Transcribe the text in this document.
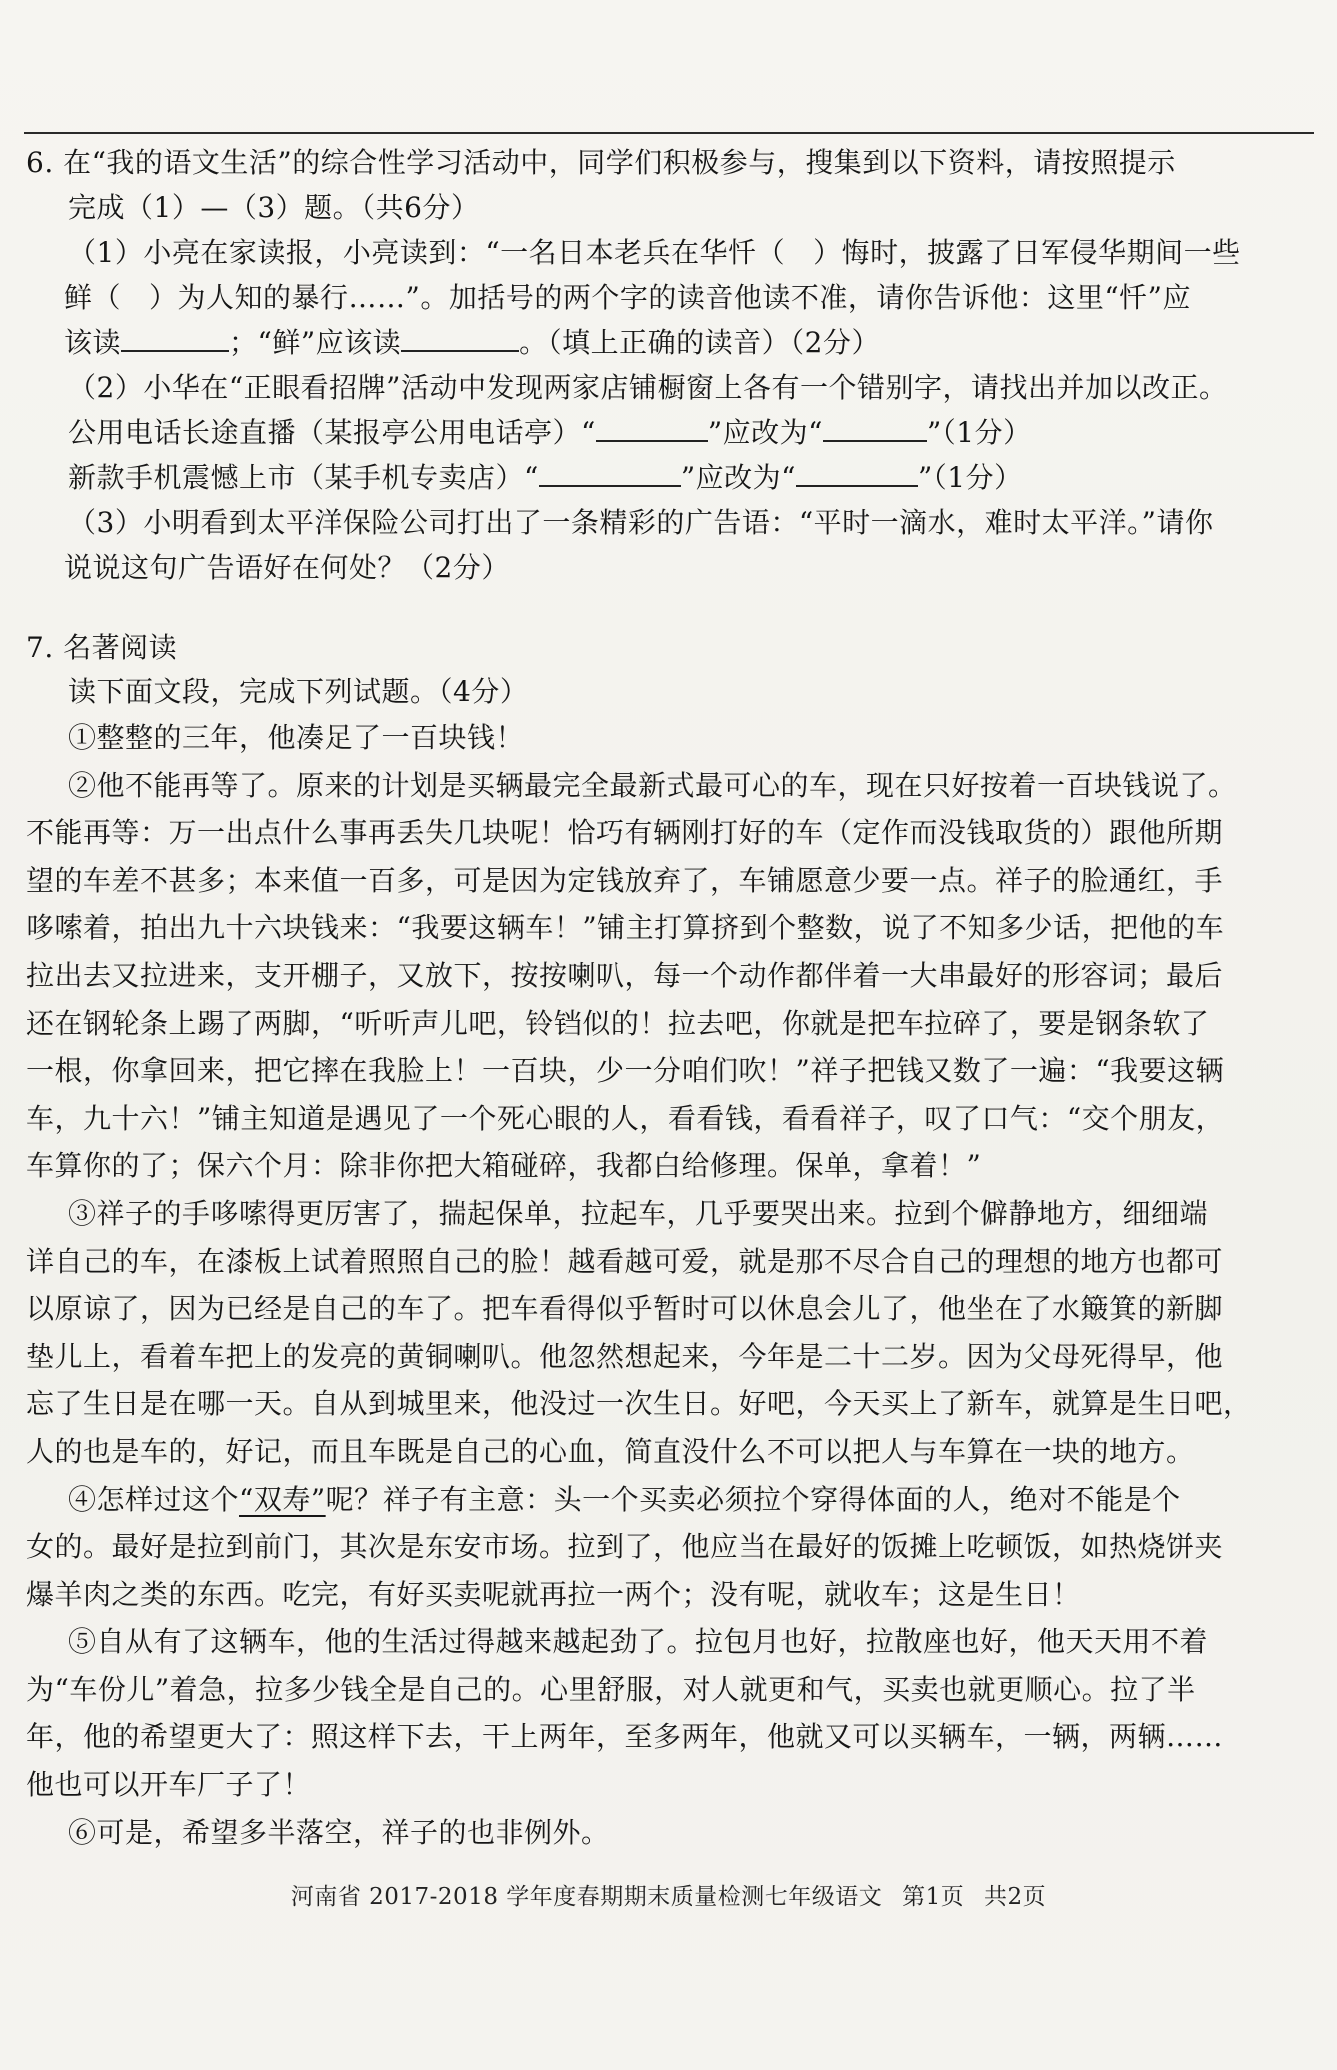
6. 在“我的语文生活”的综合性学习活动中，同学们积极参与，搜集到以下资料，请按照提示
完成（1）—（3）题。（共6分）
（1）小亮在家读报，小亮读到：“一名日本老兵在华忏（ ）悔时，披露了日军侵华期间一些
鲜（ ）为人知的暴行……”。加括号的两个字的读音他读不准，请你告诉他：这里“忏”应
该读	；“鲜”应该读	。（填上正确的读音）（2分）
（2）小华在“正眼看招牌”活动中发现两家店铺橱窗上各有一个错别字，请找出并加以改正。
公用电话长途直播（某报亭公用电话亭）“	”应改为“	”（1分）
新款手机震憾上市（某手机专卖店）“	”应改为“	”（1分）
（3）小明看到太平洋保险公司打出了一条精彩的广告语：“平时一滴水，难时太平洋。”请你
说说这句广告语好在何处？（2分）
7. 名著阅读
读下面文段，完成下列试题。（4分）
①整整的三年，他凑足了一百块钱！
②他不能再等了。原来的计划是买辆最完全最新式最可心的车，现在只好按着一百块钱说了。
不能再等：万一出点什么事再丢失几块呢！恰巧有辆刚打好的车（定作而没钱取货的）跟他所期
望的车差不甚多；本来值一百多，可是因为定钱放弃了，车铺愿意少要一点。祥子的脸通红，手
哆嗦着，拍出九十六块钱来：“我要这辆车！”铺主打算挤到个整数，说了不知多少话，把他的车
拉出去又拉进来，支开棚子，又放下，按按喇叭，每一个动作都伴着一大串最好的形容词；最后
还在钢轮条上踢了两脚，“听听声儿吧，铃铛似的！拉去吧，你就是把车拉碎了，要是钢条软了
一根，你拿回来，把它摔在我脸上！一百块，少一分咱们吹！”祥子把钱又数了一遍：“我要这辆
车，九十六！”铺主知道是遇见了一个死心眼的人，看看钱，看看祥子，叹了口气：“交个朋友，
车算你的了；保六个月：除非你把大箱碰碎，我都白给修理。保单，拿着！”
③祥子的手哆嗦得更厉害了，揣起保单，拉起车，几乎要哭出来。拉到个僻静地方，细细端
详自己的车，在漆板上试着照照自己的脸！越看越可爱，就是那不尽合自己的理想的地方也都可
以原谅了，因为已经是自己的车了。把车看得似乎暂时可以休息会儿了，他坐在了水簸箕的新脚
垫儿上，看着车把上的发亮的黄铜喇叭。他忽然想起来，今年是二十二岁。因为父母死得早，他
忘了生日是在哪一天。自从到城里来，他没过一次生日。好吧，今天买上了新车，就算是生日吧，
人的也是车的，好记，而且车既是自己的心血，简直没什么不可以把人与车算在一块的地方。
④怎样过这个“双寿”呢？祥子有主意：头一个买卖必须拉个穿得体面的人，绝对不能是个
女的。最好是拉到前门，其次是东安市场。拉到了，他应当在最好的饭摊上吃顿饭，如热烧饼夹
爆羊肉之类的东西。吃完，有好买卖呢就再拉一两个；没有呢，就收车；这是生日！
⑤自从有了这辆车，他的生活过得越来越起劲了。拉包月也好，拉散座也好，他天天用不着
为“车份儿”着急，拉多少钱全是自己的。心里舒服，对人就更和气，买卖也就更顺心。拉了半
年，他的希望更大了：照这样下去，干上两年，至多两年，他就又可以买辆车，一辆，两辆……
他也可以开车厂子了！
⑥可是，希望多半落空，祥子的也非例外。
河南省 2017-2018 学年度春期期末质量检测七年级语文 第1页 共2页
